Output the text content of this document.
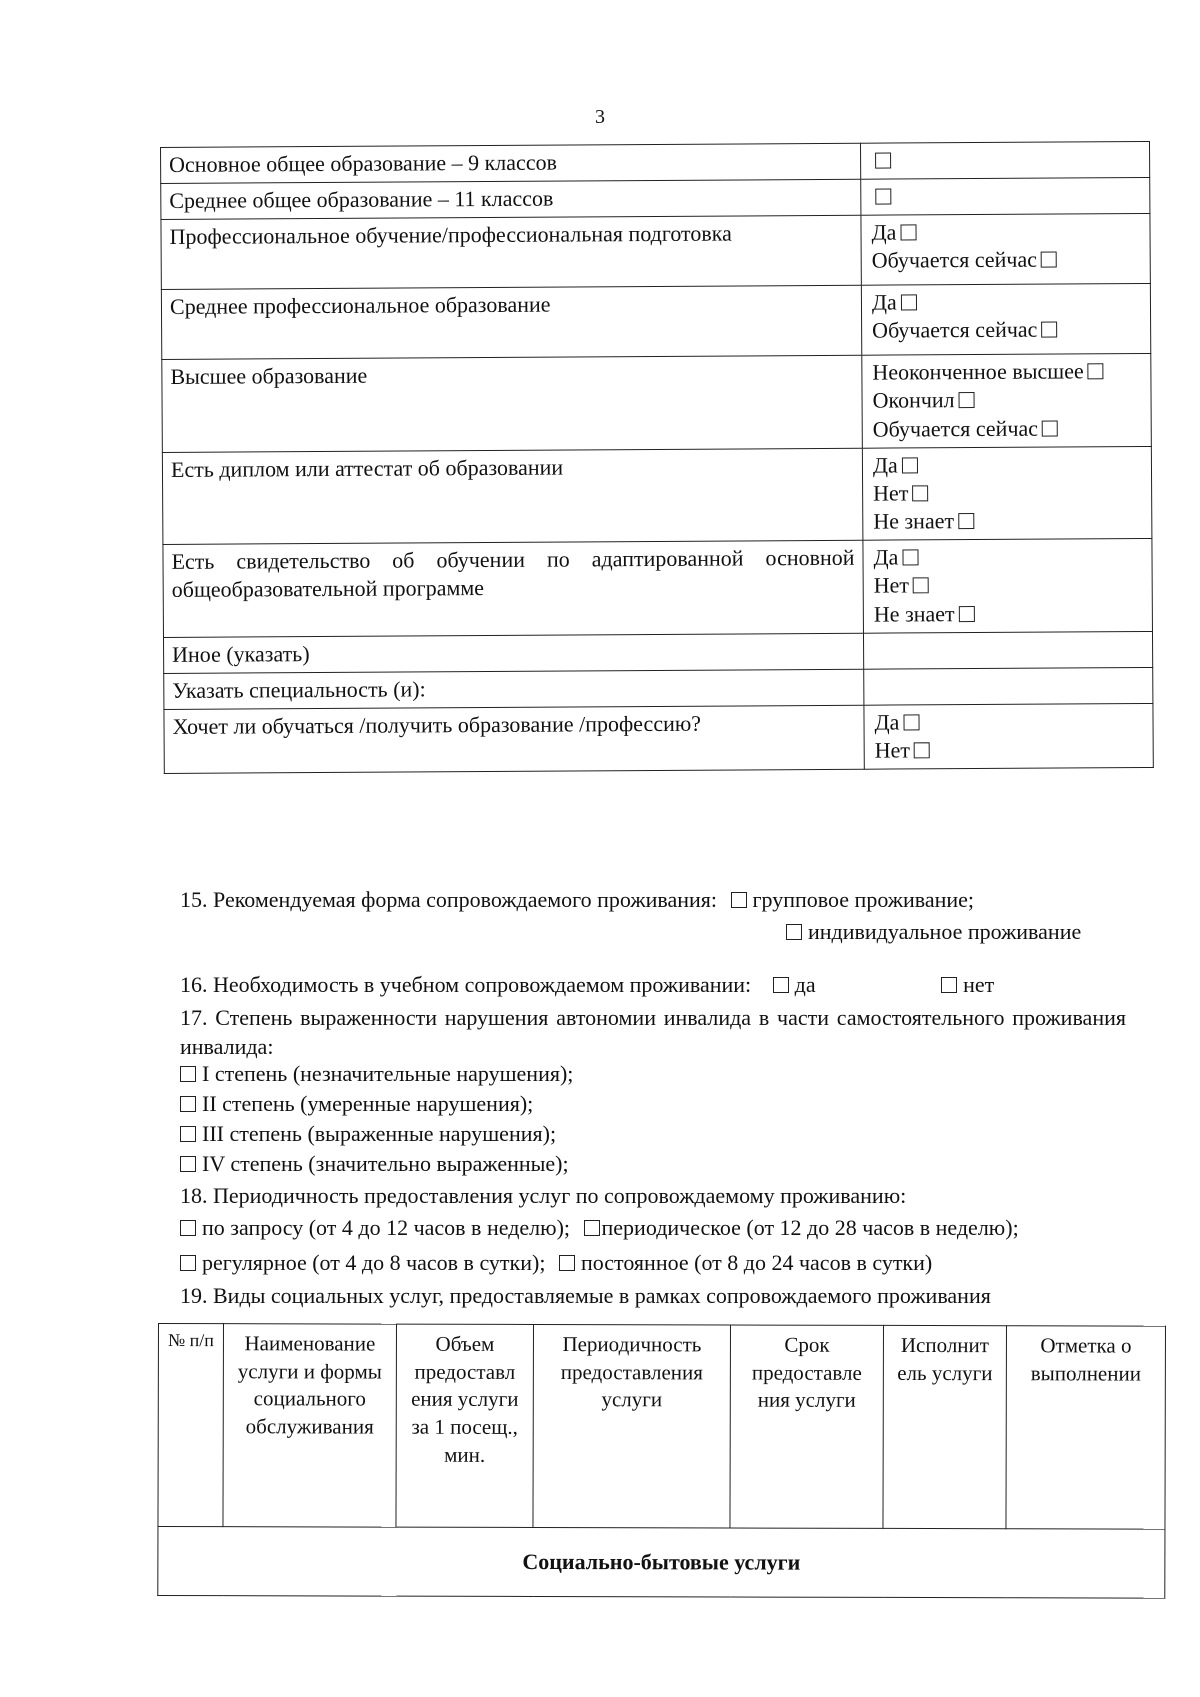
3
Основное общее образование – 9 классов	
Среднее общее образование – 11 классов	
Профессиональное обучение/профессиональная подготовка	Да
Обучается сейчас

Среднее профессиональное образование	Да
Обучается сейчас

Высшее образование	Неоконченное высшее
Окончил
Обучается сейчас

Есть диплом или аттестат об образовании	Да
Нет
Не знает

Есть свидетельство об обучении по адаптированной основной общеобразовательной программе	Да
Нет
Не знает

Иное (указать)	
Указать специальность (и):	
Хочет ли обучаться /получить образование /профессию?	Да
Нет
15. Рекомендуемая форма сопровождаемого проживания: групповое проживание;
индивидуальное проживание
16. Необходимость в учебном сопровождаемом проживании: да	нет
17. Степень выраженности нарушения автономии инвалида в части самостоятельного проживания инвалида:
I степень (незначительные нарушения);
II степень (умеренные нарушения);
III степень (выраженные нарушения);
IV степень (значительно выраженные);
18. Периодичность предоставления услуг по сопровождаемому проживанию:
по запросу (от 4 до 12 часов в неделю); периодическое (от 12 до 28 часов в неделю);
регулярное (от 4 до 8 часов в сутки); постоянное (от 8 до 24 часов в сутки)
19. Виды социальных услуг, предоставляемые в рамках сопровождаемого проживания
№ п/п	Наименование услуги и формы социального обслуживания	Объем предоставл ения услуги за 1 посещ., мин.	Периодичность предоставления услуги	Срок предоставле ния услуги	Исполнит ель услуги	Отметка о выполнении
Социально-бытовые услуги
